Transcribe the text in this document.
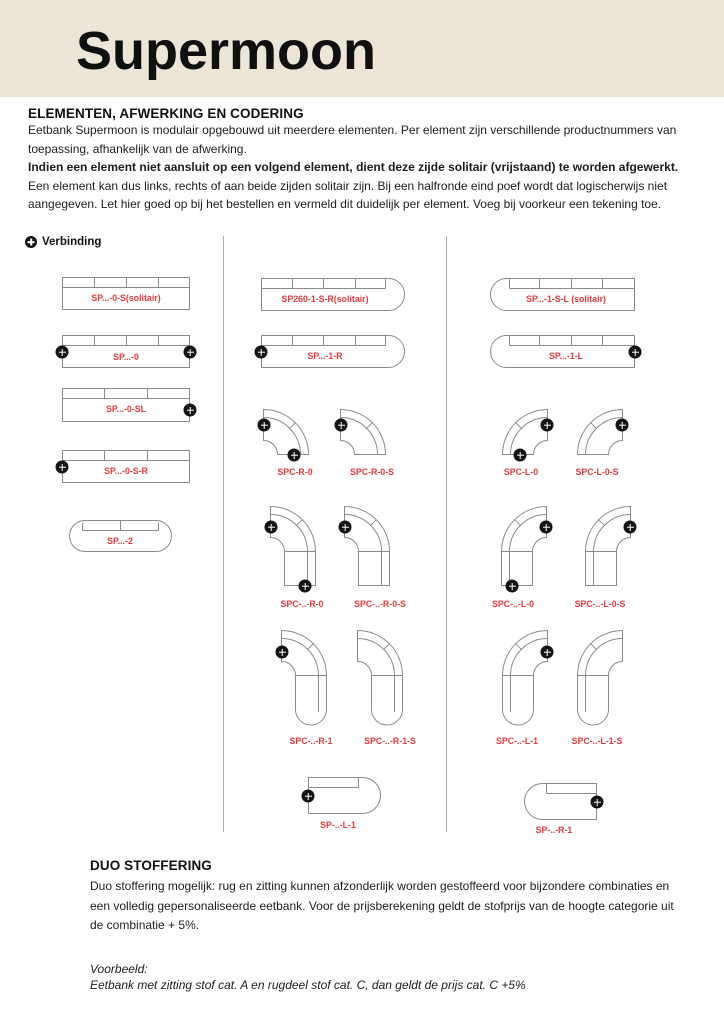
Supermoon
ELEMENTEN, AFWERKING EN CODERING

Eetbank Supermoon is modulair opgebouwd uit meerdere elementen. Per element zijn verschillende productnummers van toepassing, afhankelijk van de afwerking.

Indien een element niet aansluit op een volgend element, dient deze zijde solitair (vrijstaand) te worden afgewerkt.

Een element kan dus links, rechts of aan beide zijden solitair zijn. Bij een halfronde eind poef wordt dat logischerwijs niet aangegeven. Let hier goed op bij het bestellen en vermeld dit duidelijk per element. Voeg bij voorkeur een tekening toe.

Verbinding
SP...-0-S(solitair)
SP...-0
SP...-0-SL
SP...-0-S-R
SP...-2
SP260-1-S-R(solitair)
SP...-1-R
SPC-R-0	SPC-R-0-S
SPC-..-R-0	SPC-..-R-0-S
SPC-..-R-1	SPC-..-R-1-S
SP-..-L-1
SP...-1-S-L (solitair)
SP...-1-L
SPC-L-0	SPC-L-0-S
SPC-..-L-0	SPC-..-L-0-S
SPC-..-L-1	SPC-..-L-1-S
SP-..-R-1
DUO STOFFERING

Duo stoffering mogelijk: rug en zitting kunnen afzonderlijk worden gestoffeerd voor bijzondere combinaties en een volledig gepersonaliseerde eetbank. Voor de prijsberekening geldt de stofprijs van de hoogte categorie uit de combinatie + 5%.

Voorbeeld:

Eetbank met zitting stof cat. A en rugdeel stof cat. C, dan geldt de prijs cat. C +5%
